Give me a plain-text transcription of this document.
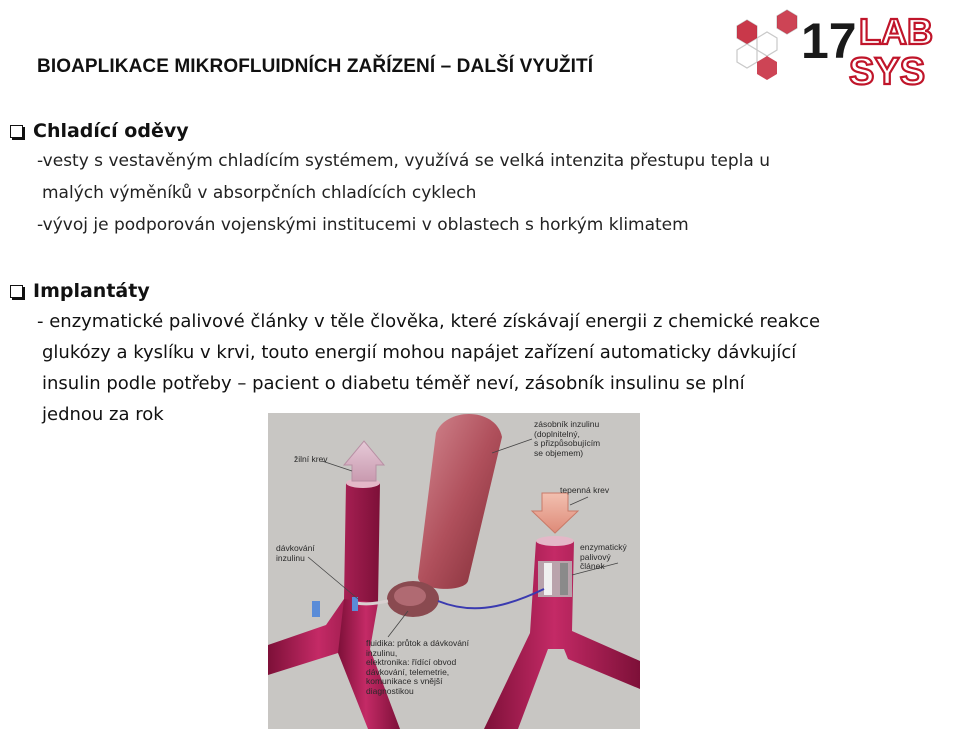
BIOAPLIKACE MIKROFLUIDNÍCH ZAŘÍZENÍ – DALŠÍ VYUŽITÍ	17 LAB
SYS
Chladící oděvy
-vesty s vestavěným chladícím systémem, využívá se velká intenzita přestupu tepla u
malých výměníků v absorpčních chladících cyklech
-vývoj je podporován vojenskými institucemi v oblastech s horkým klimatem
Implantáty
- enzymatické palivové články v těle člověka, které získávají energii z chemické reakce
glukózy a kyslíku v krvi, touto energií mohou napájet zařízení automaticky dávkující
insulin podle potřeby – pacient o diabetu téměř neví, zásobník insulinu se plní
jednou za rok
žilní krev
zásobník inzulinu
(doplnitelný,
s přizpůsobujícím
se objemem)
tepenná krev
dávkování
inzulinu
enzymatický
palivový
článek
fluidika: průtok a dávkování
inzulinu,
elektronika: řídící obvod
dávkování, telemetrie,
komunikace s vnější
diagnostikou
